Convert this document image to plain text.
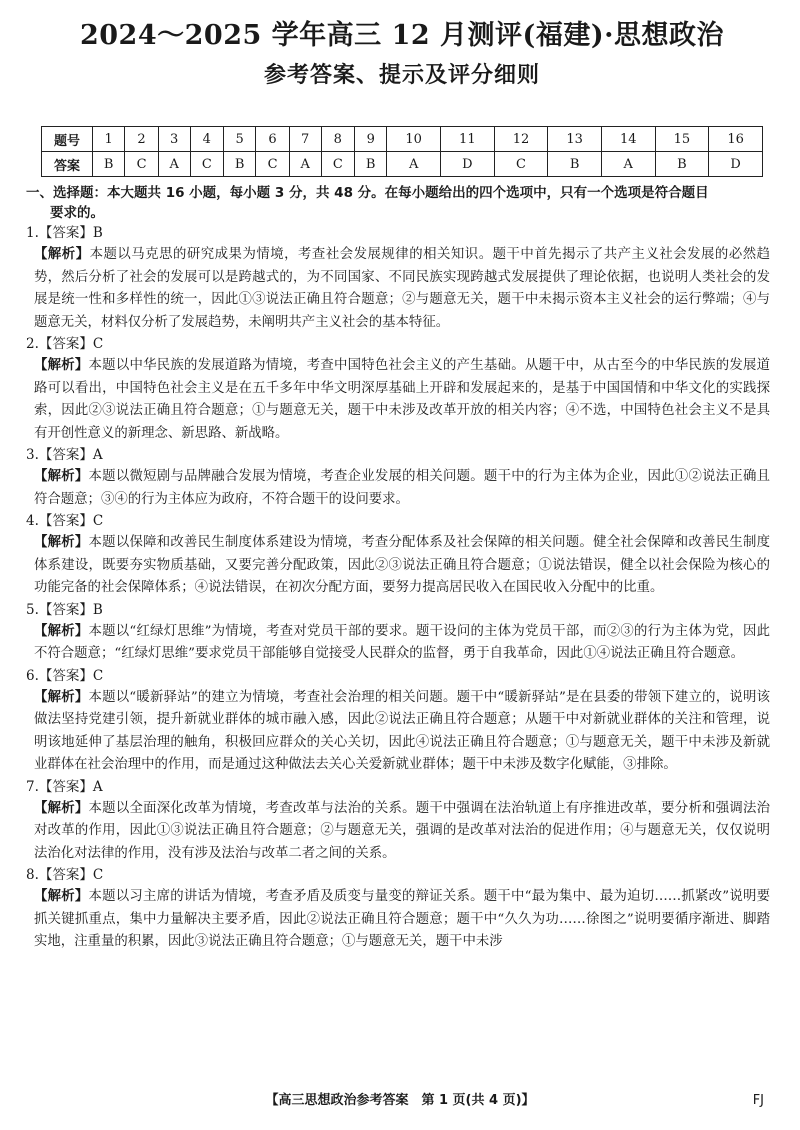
2024～2025 学年高三 12 月测评(福建)·思想政治
参考答案、提示及评分细则
题号	1	2	3	4	5	6	7	8	9	10	11	12	13	14	15	16
答案	B	C	A	C	B	C	A	C	B	A	D	C	B	A	B	D
一、选择题：本大题共 16 小题，每小题 3 分，共 48 分。在每小题给出的四个选项中，只有一个选项是符合题目
要求的。
1.【答案】B
【解析】本题以马克思的研究成果为情境，考查社会发展规律的相关知识。题干中首先揭示了共产主义社会发展的必然趋势，然后分析了社会的发展可以是跨越式的，为不同国家、不同民族实现跨越式发展提供了理论依据，也说明人类社会的发展是统一性和多样性的统一，因此①③说法正确且符合题意；②与题意无关，题干中未揭示资本主义社会的运行弊端；④与题意无关，材料仅分析了发展趋势，未阐明共产主义社会的基本特征。
2.【答案】C
【解析】本题以中华民族的发展道路为情境，考查中国特色社会主义的产生基础。从题干中，从古至今的中华民族的发展道路可以看出，中国特色社会主义是在五千多年中华文明深厚基础上开辟和发展起来的，是基于中国国情和中华文化的实践探索，因此②③说法正确且符合题意；①与题意无关，题干中未涉及改革开放的相关内容；④不选，中国特色社会主义不是具有开创性意义的新理念、新思路、新战略。
3.【答案】A
【解析】本题以微短剧与品牌融合发展为情境，考查企业发展的相关问题。题干中的行为主体为企业，因此①②说法正确且符合题意；③④的行为主体应为政府，不符合题干的设问要求。
4.【答案】C
【解析】本题以保障和改善民生制度体系建设为情境，考查分配体系及社会保障的相关问题。健全社会保障和改善民生制度体系建设，既要夯实物质基础，又要完善分配政策，因此②③说法正确且符合题意；①说法错误，健全以社会保险为核心的功能完备的社会保障体系；④说法错误，在初次分配方面，要努力提高居民收入在国民收入分配中的比重。
5.【答案】B
【解析】本题以“红绿灯思维”为情境，考查对党员干部的要求。题干设问的主体为党员干部，而②③的行为主体为党，因此不符合题意；“红绿灯思维”要求党员干部能够自觉接受人民群众的监督，勇于自我革命，因此①④说法正确且符合题意。
6.【答案】C
【解析】本题以“暖新驿站”的建立为情境，考查社会治理的相关问题。题干中“暖新驿站”是在县委的带领下建立的，说明该做法坚持党建引领，提升新就业群体的城市融入感，因此②说法正确且符合题意；从题干中对新就业群体的关注和管理，说明该地延伸了基层治理的触角，积极回应群众的关心关切，因此④说法正确且符合题意；①与题意无关，题干中未涉及新就业群体在社会治理中的作用，而是通过这种做法去关心关爱新就业群体；题干中未涉及数字化赋能，③排除。
7.【答案】A
【解析】本题以全面深化改革为情境，考查改革与法治的关系。题干中强调在法治轨道上有序推进改革，要分析和强调法治对改革的作用，因此①③说法正确且符合题意；②与题意无关，强调的是改革对法治的促进作用；④与题意无关，仅仅说明法治化对法律的作用，没有涉及法治与改革二者之间的关系。
8.【答案】C
【解析】本题以习主席的讲话为情境，考查矛盾及质变与量变的辩证关系。题干中“最为集中、最为迫切……抓紧改”说明要抓关键抓重点，集中力量解决主要矛盾，因此②说法正确且符合题意；题干中“久久为功……徐图之”说明要循序渐进、脚踏实地，注重量的积累，因此③说法正确且符合题意；①与题意无关，题干中未涉
【高三思想政治参考答案　第 1 页(共 4 页)】	FJ
